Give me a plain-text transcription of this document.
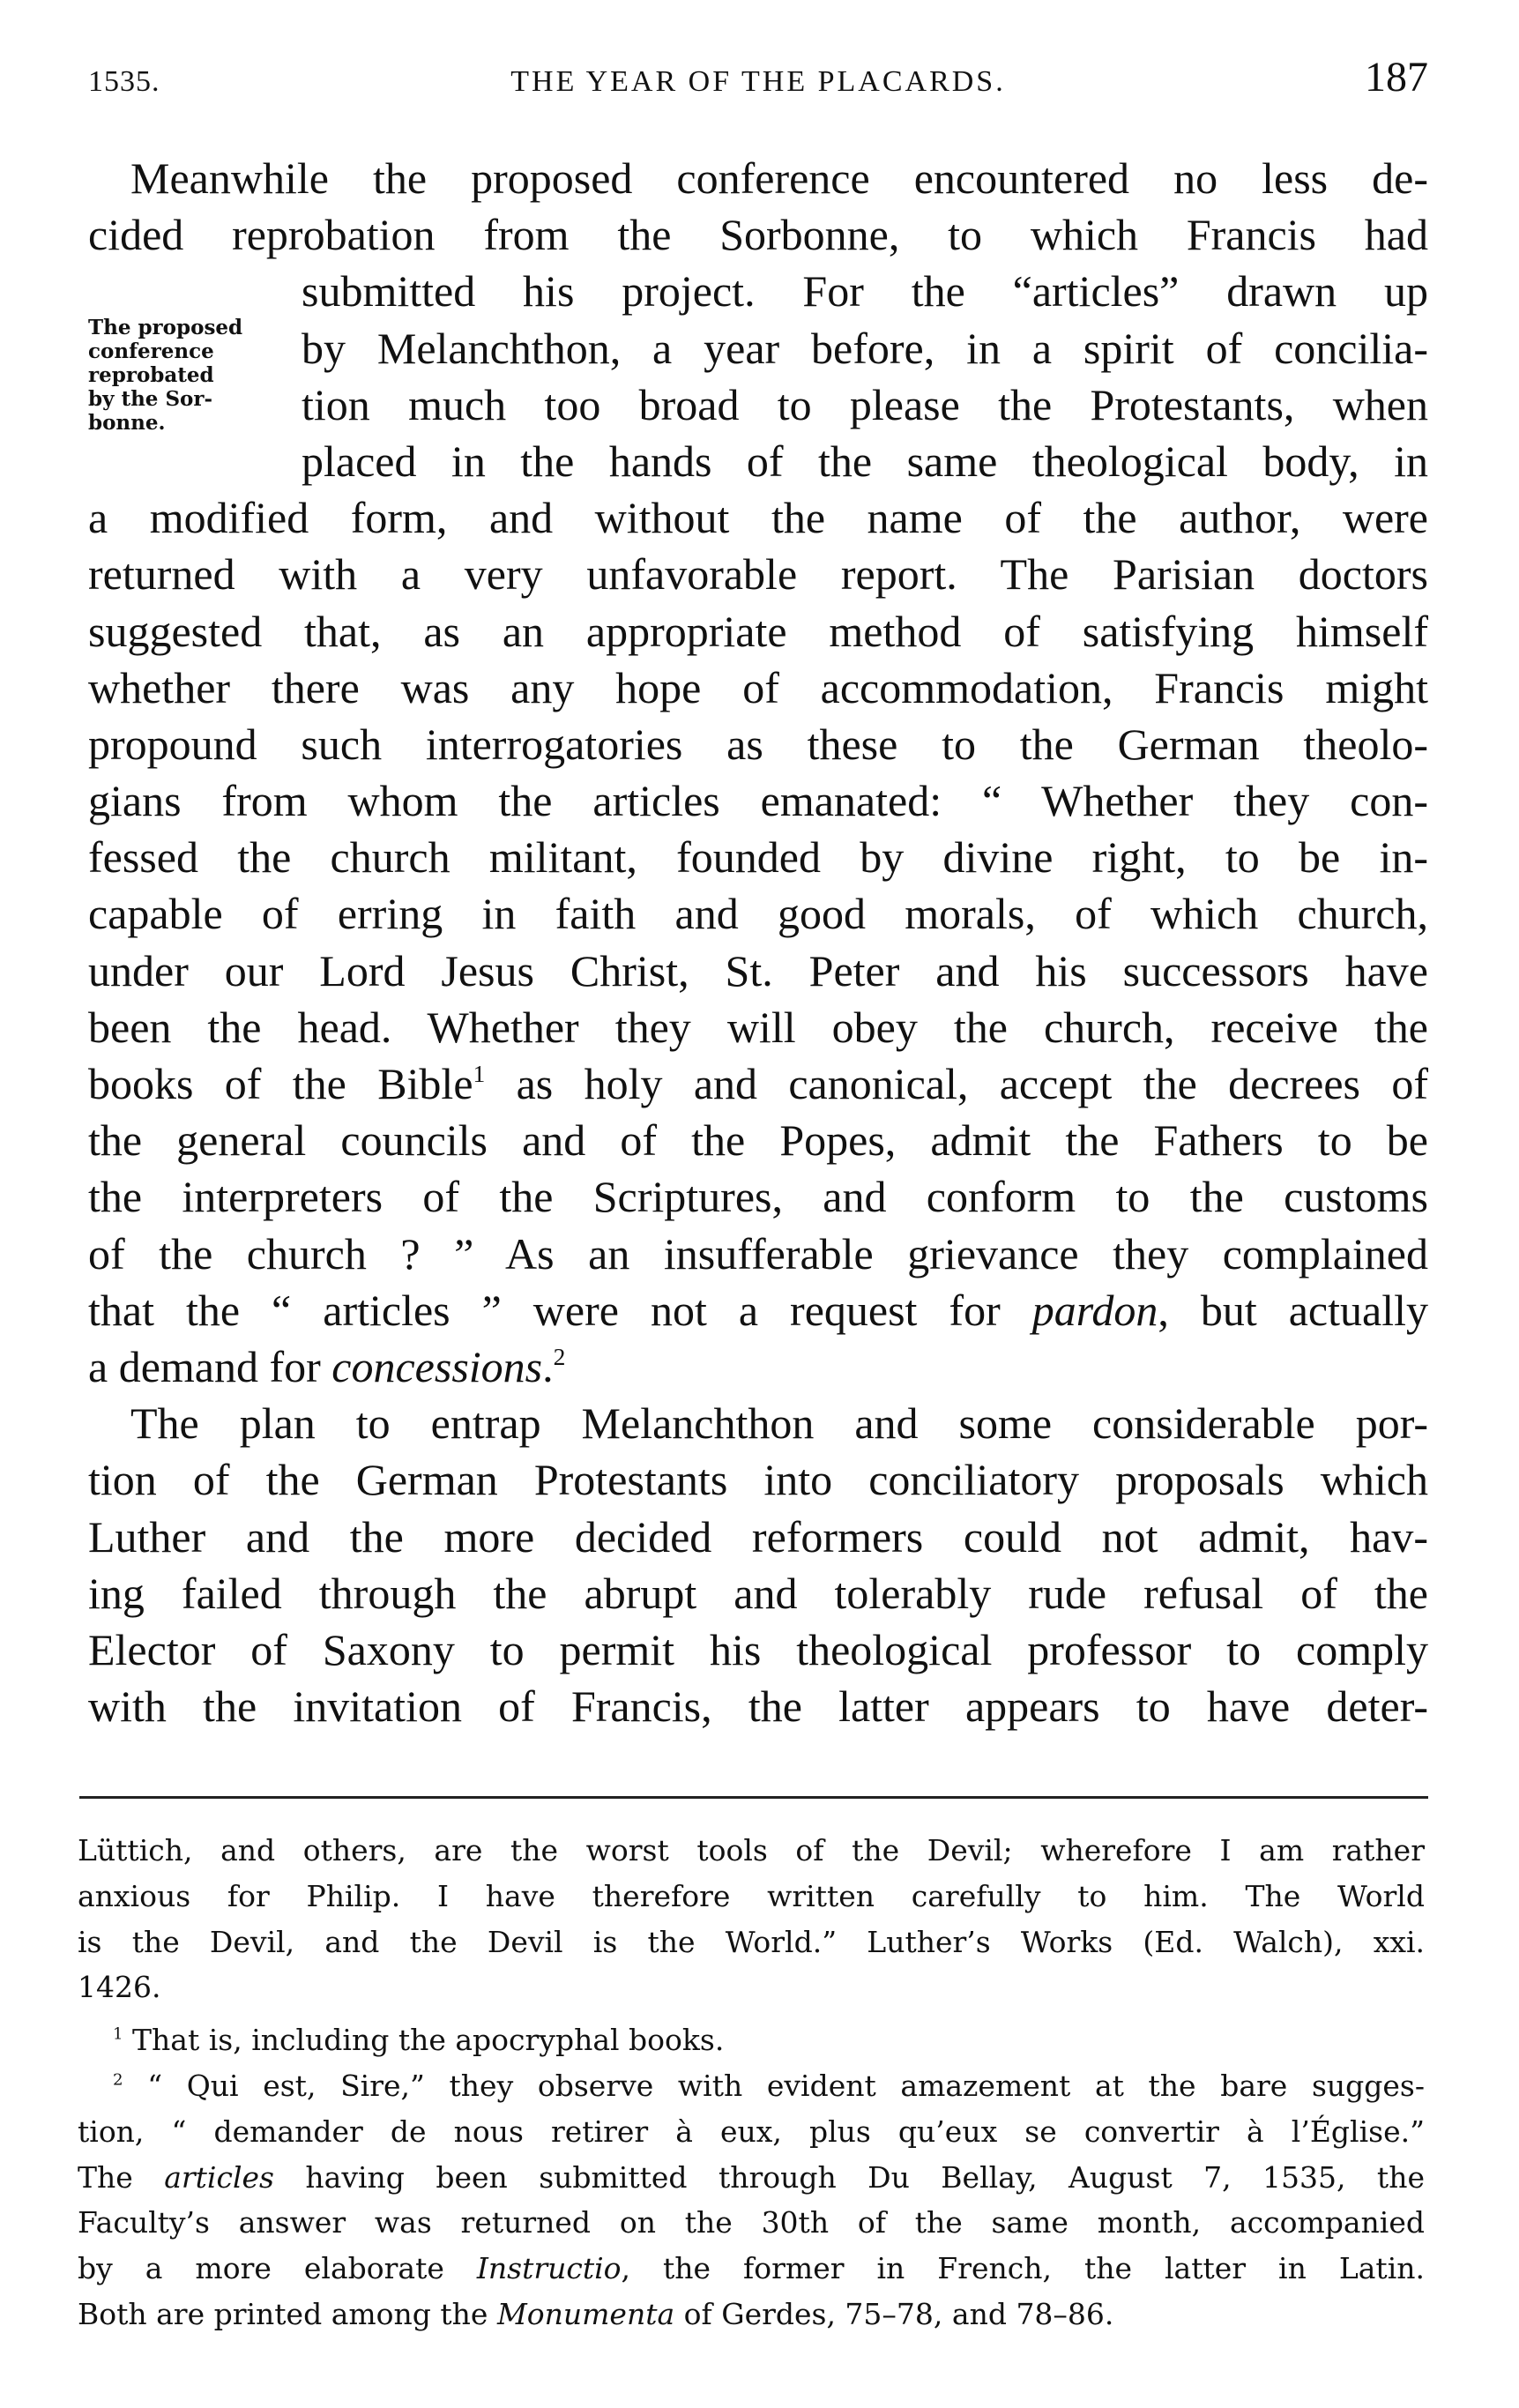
1535.	THE YEAR OF THE PLACARDS.	187
The proposed
conference
reprobated
by the Sor-
bonne.
Meanwhile the proposed conference encountered no less de-
cided reprobation from the Sorbonne, to which Francis had
submitted his project. For the “articles” drawn up
by Melanchthon, a year before, in a spirit of concilia-
tion much too broad to please the Protestants, when
placed in the hands of the same theological body, in
a modified form, and without the name of the author, were
returned with a very unfavorable report. The Parisian doctors
suggested that, as an appropriate method of satisfying himself
whether there was any hope of accommodation, Francis might
propound such interrogatories as these to the German theolo-
gians from whom the articles emanated: “ Whether they con-
fessed the church militant, founded by divine right, to be in-
capable of erring in faith and good morals, of which church,
under our Lord Jesus Christ, St. Peter and his successors have
been the head. Whether they will obey the church, receive the
books of the Bible$^1$ as holy and canonical, accept the decrees of
the general councils and of the Popes, admit the Fathers to be
the interpreters of the Scriptures, and conform to the customs
of the church ? ” As an insufferable grievance they complained
that the “ articles ” were not a request for pardon, but actually
a demand for concessions.$^2$
The plan to entrap Melanchthon and some considerable por-
tion of the German Protestants into conciliatory proposals which
Luther and the more decided reformers could not admit, hav-
ing failed through the abrupt and tolerably rude refusal of the
Elector of Saxony to permit his theological professor to comply
with the invitation of Francis, the latter appears to have deter-
Lüttich, and others, are the worst tools of the Devil; wherefore I am rather
anxious for Philip. I have therefore written carefully to him. The World
is the Devil, and the Devil is the World.” Luther’s Works (Ed. Walch), xxi.
1426.
$^1$ That is, including the apocryphal books.
$^2$ “ Qui est, Sire,” they observe with evident amazement at the bare sugges-
tion, “ demander de nous retirer à eux, plus qu’eux se convertir à l’Église.”
The articles having been submitted through Du Bellay, August 7, 1535, the
Faculty’s answer was returned on the 30th of the same month, accompanied
by a more elaborate Instructio, the former in French, the latter in Latin.
Both are printed among the Monumenta of Gerdes, 75–78, and 78–86.
